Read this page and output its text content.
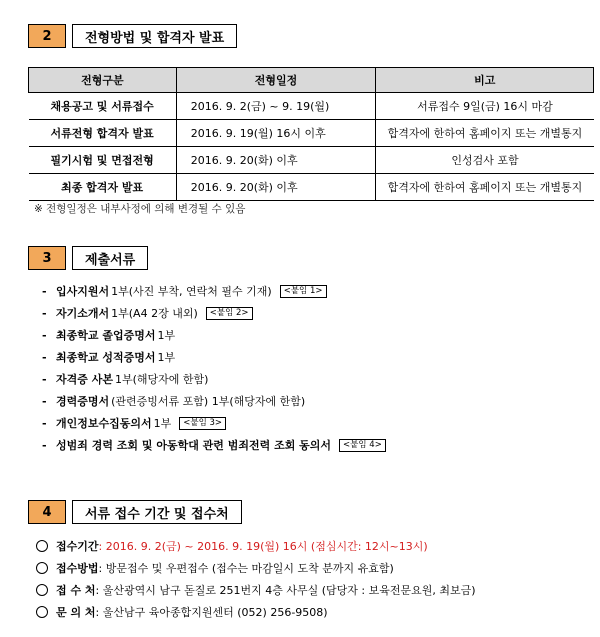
2	전형방법 및 합격자 발표
전형구분	전형일정	비고
채용공고 및 서류접수	2016. 9. 2(금) ~ 9. 19(월)	서류접수 9일(금) 16시 마감
서류전형 합격자 발표	2016. 9. 19(월) 16시 이후	합격자에 한하여 홈페이지 또는 개별통지
필기시험 및 면접전형	2016. 9. 20(화) 이후	인성검사 포함
최종 합격자 발표	2016. 9. 20(화) 이후	합격자에 한하여 홈페이지 또는 개별통지
※ 전형일정은 내부사정에 의해 변경될 수 있음
3	제출서류
- 입사지원서 1부(사진 부착, 연락처 필수 기재)	<붙임 1>
- 자기소개서 1부(A4 2장 내외)	<붙임 2>
- 최종학교 졸업증명서 1부
- 최종학교 성적증명서 1부
- 자격증 사본 1부(해당자에 한함)
- 경력증명서 (관련증빙서류 포함) 1부(해당자에 한함)
- 개인정보수집동의서 1부	<붙임 3>
- 성범죄 경력 조회 및 아동학대 관련 범죄전력 조회 동의서	<붙임 4>
4	서류 접수 기간 및 접수처
접수기간 : 2016. 9. 2(금) ~ 2016. 9. 19(월) 16시 (점심시간: 12시~13시)
접수방법 : 방문접수 및 우편접수 (접수는 마감일시 도착 분까지 유효함)
접 수 처 : 울산광역시 남구 돋질로 251번지 4층 사무실 (담당자 : 보육전문요원, 최보금)
문 의 처 : 울산남구 육아종합지원센터 (052) 256-9508)
